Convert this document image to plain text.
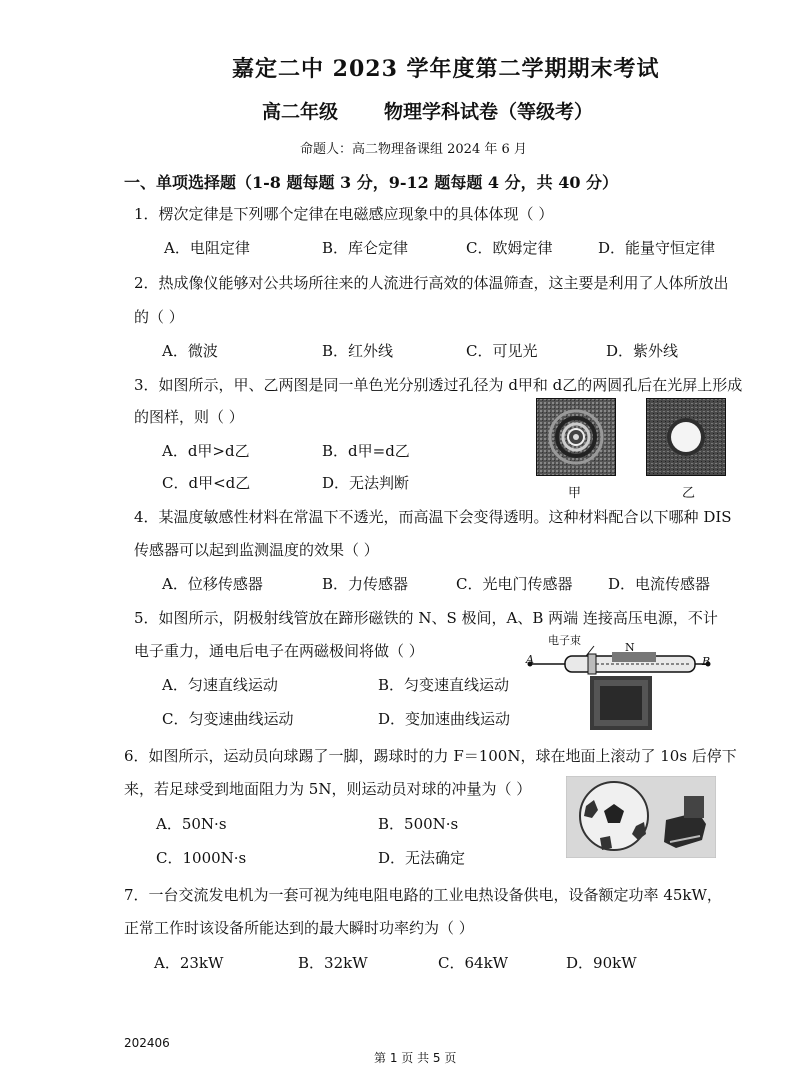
嘉定二中 2023 学年度第二学期期末考试
高二年级 物理学科试卷（等级考）
命题人：高二物理备课组 2024 年 6 月
一、单项选择题（1-8 题每题 3 分，9-12 题每题 4 分，共 40 分）
1．楞次定律是下列哪个定律在电磁感应现象中的具体体现（ ）
A．电阻定律	B．库仑定律	C．欧姆定律	D．能量守恒定律
2．热成像仪能够对公共场所往来的人流进行高效的体温筛查，这主要是利用了人体所放出
的（ ）
A．微波	B．红外线	C．可见光	D．紫外线
3．如图所示，甲、乙两图是同一单色光分别透过孔径为 d甲和 d乙的两圆孔后在光屏上形成
的图样，则（ ）
A．d甲>d乙	B．d甲=d乙
C．d甲<d乙	D．无法判断
甲	乙
4．某温度敏感性材料在常温下不透光，而高温下会变得透明。这种材料配合以下哪种 DIS
传感器可以起到监测温度的效果（ ）
A．位移传感器	B．力传感器	C．光电门传感器 D．电流传感器
5．如图所示，阴极射线管放在蹄形磁铁的 N、S 极间，A、B 两端 连接高压电源，不计
电子重力，通电后电子在两磁极间将做（ ）
A．匀速直线运动	B．匀变速直线运动
C．匀变速曲线运动	D．变加速曲线运动
电子束
N
A	B
6．如图所示，运动员向球踢了一脚，踢球时的力 F＝100N，球在地面上滚动了 10s 后停下
来，若足球受到地面阻力为 5N，则运动员对球的冲量为（ ）
A．50N·s	B．500N·s
C．1000N·s	D．无法确定
7．一台交流发电机为一套可视为纯电阻电路的工业电热设备供电，设备额定功率 45kW，
正常工作时该设备所能达到的最大瞬时功率约为（ ）
A．23kW	B．32kW	C．64kW	D．90kW
202406
第 1 页 共 5 页
